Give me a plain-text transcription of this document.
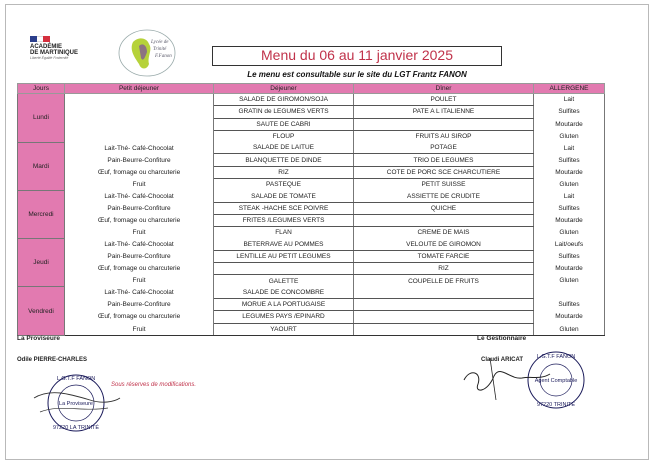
ACADÉMIE
DE MARTINIQUE
Liberté Égalité Fraternité
Lycée de
Trinité
F.Fanon	Menu du 06 au 11 janvier 2025
Le menu est consultable sur le site du LGT Frantz FANON
Jours	Petit déjeuner	Déjeuner	Dîner	ALLERGENE
Lundi		SALADE DE GIROMON/SOJA	POULET	Lait
		GRATIN de LEGUMES VERTS	PATE A L ITALIENNE	Sulfites
		SAUTE DE CABRI		Moutarde
		FLOUP	FRUITS AU SIROP	Gluten
Mardi	Lait-Thé- Café-Chocolat	SALADE DE LAITUE	POTAGE	Lait
	Pain-Beurre-Confiture	BLANQUETTE DE DINDE	TRIO DE LEGUMES	Sulfites
	Œuf, fromage ou charcuterie	RIZ	COTE DE PORC SCE CHARCUTIERE	Moutarde
	Fruit	PASTEQUE	PETIT SUISSE	Gluten
Mercredi	Lait-Thé- Café-Chocolat	SALADE DE TOMATE	ASSIETTE DE CRUDITE	Lait
	Pain-Beurre-Confiture	STEAK -HACHE SCE POIVRE	QUICHE	Sulfites
	Œuf, fromage ou charcuterie	FRITES /LEGUMES VERTS		Moutarde
	Fruit	FLAN	CREME DE MAIS	Gluten
Jeudi	Lait-Thé- Café-Chocolat	BETERRAVE AU POMMES	VELOUTE DE GIROMON	Lait/oeufs
	Pain-Beurre-Confiture	LENTILLE AU PETIT LEGUMES	TOMATE FARCIE	Sulfites
	Œuf, fromage ou charcuterie		RIZ	Moutarde
	Fruit	GALETTE	COUPELLE DE FRUITS	Gluten
Vendredi	Lait-Thé- Café-Chocolat	SALADE DE CONCOMBRE		
	Pain-Beurre-Confiture	MORUE A LA PORTUGAISE		Sulfites
	Œuf, fromage ou charcuterie	LEGUMES PAYS /EPINARD		Moutarde
	Fruit	YAOURT		Gluten
La Proviseure	Le Gestionnaire
Odile PIERRE-CHARLES	Claudi ARICAT
Sous réserves de modifications.
L.G.T.F FANON
La Proviseure
97220 LA TRINITÉ
L.G.T.F FANON
Agent Comptable
97220 TRINITÉ
